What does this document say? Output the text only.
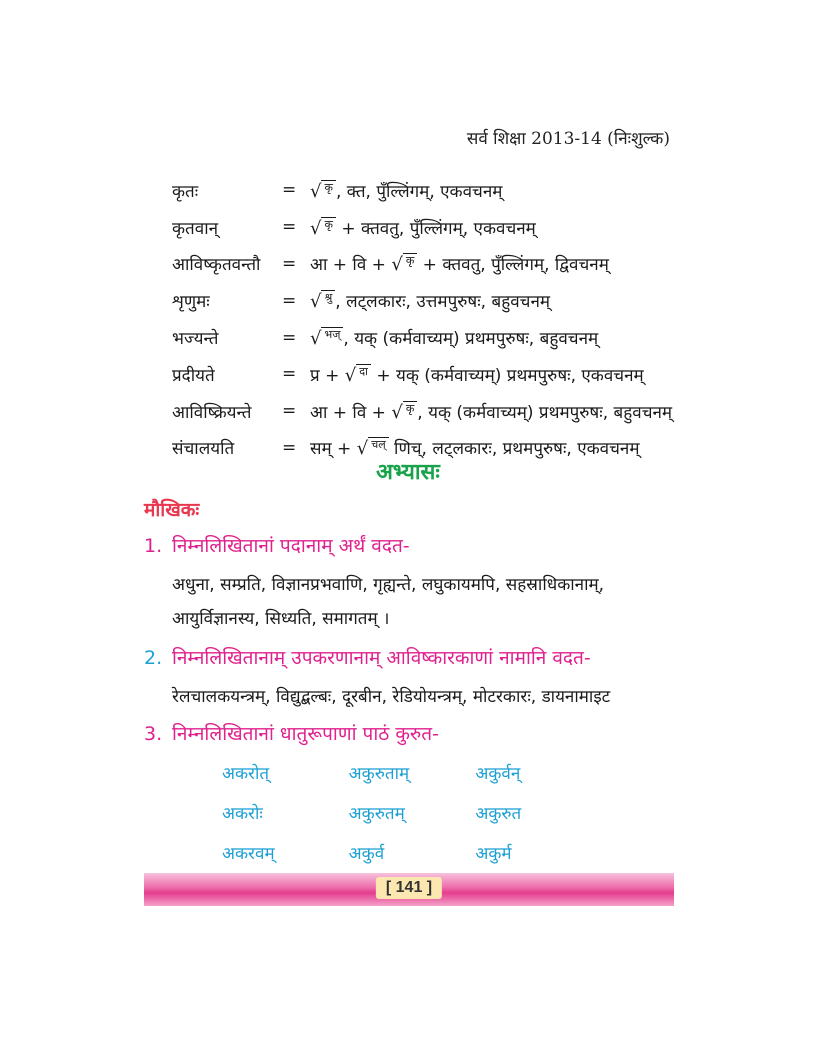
सर्व शिक्षा 2013-14 (निःशुल्क)
कृतः	= √ कृ , क्त, पुँल्लिंगम्, एकवचनम्
कृतवान्	= √ कृ + क्तवतु, पुँल्लिंगम्, एकवचनम्
आविष्कृतवन्तौ	= आ + वि + √ कृ + क्तवतु, पुँल्लिंगम्, द्विवचनम्
शृणुमः	= √ श्रु , लट्लकारः, उत्तमपुरुषः, बहुवचनम्
भज्यन्ते	= √ भज् , यक् (कर्मवाच्यम्) प्रथमपुरुषः, बहुवचनम्
प्रदीयते	= प्र + √ दा + यक् (कर्मवाच्यम्) प्रथमपुरुषः, एकवचनम्
आविष्क्रियन्ते	= आ + वि + √ कृ , यक् (कर्मवाच्यम्) प्रथमपुरुषः, बहुवचनम्
संचालयति	= सम् + √ चल् णिच्, लट्लकारः, प्रथमपुरुषः, एकवचनम्
अभ्यासः
मौखिकः
1. निम्नलिखितानां पदानाम् अर्थं वदत-
अधुना, सम्प्रति, विज्ञानप्रभवाणि, गृह्यन्ते, लघुकायमपि, सहस्राधिकानाम्,
आयुर्विज्ञानस्य, सिध्यति, समागतम् ।
2. निम्नलिखितानाम् उपकरणानाम् आविष्कारकाणां नामानि वदत-
रेलचालकयन्त्रम्, विद्युद्बल्बः, दूरबीन, रेडियोयन्त्रम्, मोटरकारः, डायनामाइट
3. निम्नलिखितानां धातुरूपाणां पाठं कुरुत-
अकरोत्	अकुरुताम्	अकुर्वन्
अकरोः	अकुरुतम्	अकुरुत
अकरवम्	अकुर्व	अकुर्म
[ 141 ]
